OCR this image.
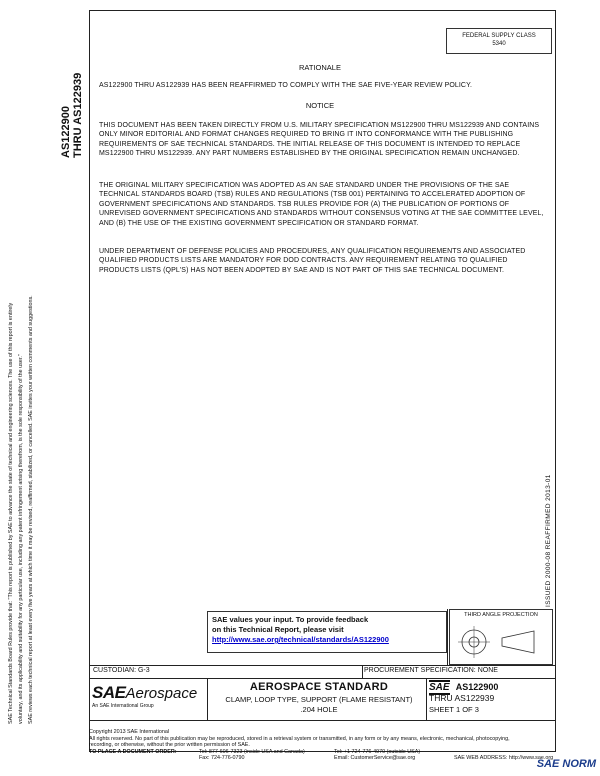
FEDERAL SUPPLY CLASS
5340
RATIONALE
AS122900 THRU AS122939 HAS BEEN REAFFIRMED TO COMPLY WITH THE SAE FIVE-YEAR REVIEW POLICY.
NOTICE
THIS DOCUMENT HAS BEEN TAKEN DIRECTLY FROM U.S. MILITARY SPECIFICATION MS122900 THRU MS122939 AND CONTAINS ONLY MINOR EDITORIAL AND FORMAT CHANGES REQUIRED TO BRING IT INTO CONFORMANCE WITH THE PUBLISHING REQUIREMENTS OF SAE TECHNICAL STANDARDS. THE INITIAL RELEASE OF THIS DOCUMENT IS INTENDED TO REPLACE MS122900 THRU MS122939. ANY PART NUMBERS ESTABLISHED BY THE ORIGINAL SPECIFICATION REMAIN UNCHANGED.
THE ORIGINAL MILITARY SPECIFICATION WAS ADOPTED AS AN SAE STANDARD UNDER THE PROVISIONS OF THE SAE TECHNICAL STANDARDS BOARD (TSB) RULES AND REGULATIONS (TSB 001) PERTAINING TO ACCELERATED ADOPTION OF GOVERNMENT SPECIFICATIONS AND STANDARDS. TSB RULES PROVIDE FOR (A) THE PUBLICATION OF PORTIONS OF UNREVISED GOVERNMENT SPECIFICATIONS AND STANDARDS WITHOUT CONSENSUS VOTING AT THE SAE COMMITTEE LEVEL, AND (B) THE USE OF THE EXISTING GOVERNMENT SPECIFICATION OR STANDARD FORMAT.
UNDER DEPARTMENT OF DEFENSE POLICIES AND PROCEDURES, ANY QUALIFICATION REQUIREMENTS AND ASSOCIATED QUALIFIED PRODUCTS LISTS ARE MANDATORY FOR DOD CONTRACTS. ANY REQUIREMENT RELATING TO QUALIFIED PRODUCTS LISTS (QPL'S) HAS NOT BEEN ADOPTED BY SAE AND IS NOT PART OF THIS SAE TECHNICAL DOCUMENT.
AS122900 THRU AS122939
SAE Technical Standards Board Rules provide that: "This report is published by SAE to advance the state of technical and engineering sciences. The use of this report is entirely voluntary, and its applicability and suitability for any particular use, including any patent infringement arising therefrom, is the sole responsibility of the user." SAE reviews each technical report at least every five years at which time it may be revised, reaffirmed, stabilized, or cancelled. SAE invites your written comments and suggestions.	ISSUED 2000-08 REAFFIRMED 2013-01
SAE values your input. To provide feedback
on this Technical Report, please visit
http://www.sae.org/technical/standards/AS122900
THIRD ANGLE PROJECTION
CUSTODIAN: G-3	PROCUREMENT SPECIFICATION: NONE
SAEAerospace
An SAE International Group
AEROSPACE STANDARD
CLAMP, LOOP TYPE, SUPPORT (FLAME RESISTANT)
.204 HOLE
SAE AS122900
THRU AS122939
SHEET 1 OF 3
Copyright 2013 SAE International
All rights reserved. No part of this publication may be reproduced, stored in a retrieval system or transmitted, in any form or by any means, electronic, mechanical, photocopying,
recording, or otherwise, without the prior written permission of SAE.
TO PLACE A DOCUMENT ORDER:	Tel: 877-606-7323 (inside USA and Canada)	Tel: +1 724-776-4970 (outside USA)
Fax: 724-776-0790	Email: CustomerService@sae.org	SAE WEB ADDRESS: http://www.sae.org
SAE NORM
